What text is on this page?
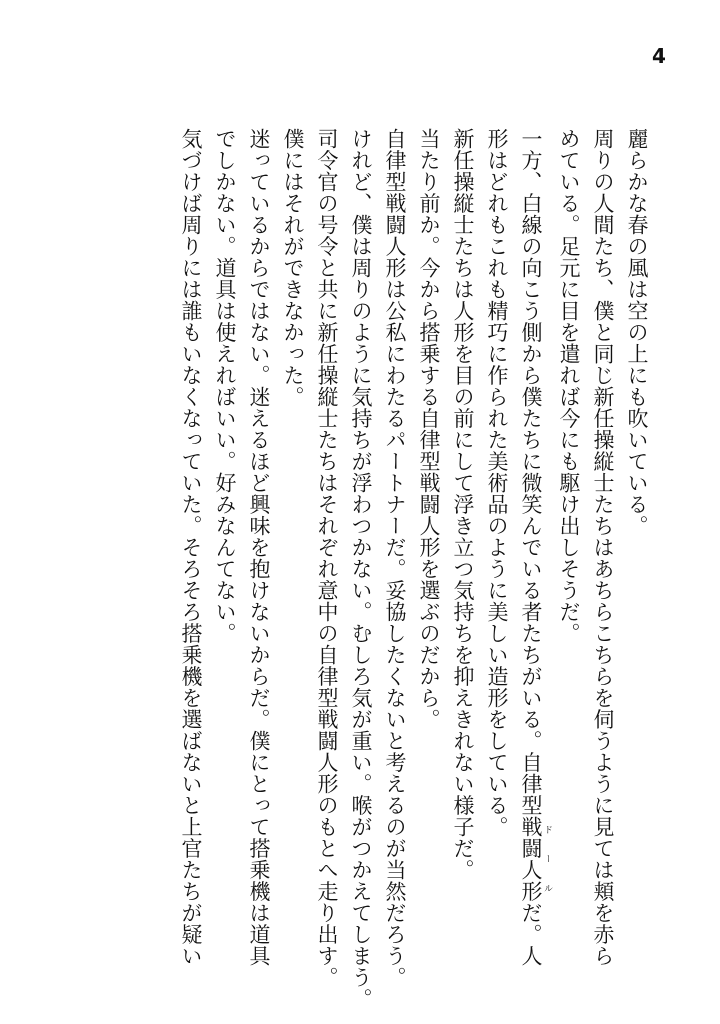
4
麗らかな春の風は空の上にも吹いている。
周りの人間たち、僕と同じ新任操縦士たちはあちらこちらを伺うように見ては頬を赤ら
めている。足元に目を遣れば今にも駆け出しそうだ。
一方、白線の向こう側から僕たちに微笑んでいる者たちがいる。自律型戦闘人形 ドールだ。人
形はどれもこれも精巧に作られた美術品のように美しい造形をしている。
新任操縦士たちは人形を目の前にして浮き立つ気持ちを抑えきれない様子だ。
当たり前か。今から搭乗する自律型戦闘人形を選ぶのだから。
自律型戦闘人形は公私にわたるパートナーだ。妥協したくないと考えるのが当然だろう。
けれど、僕は周りのように気持ちが浮わつかない。むしろ気が重い。喉がつかえてしまう。
司令官の号令と共に新任操縦士たちはそれぞれ意中の自律型戦闘人形のもとへ走り出す。
僕にはそれができなかった。
迷っているからではない。迷えるほど興味を抱けないからだ。僕にとって搭乗機は道具
でしかない。道具は使えればいい。好みなんてない。
気づけば周りには誰もいなくなっていた。そろそろ搭乗機を選ばないと上官たちが疑い
